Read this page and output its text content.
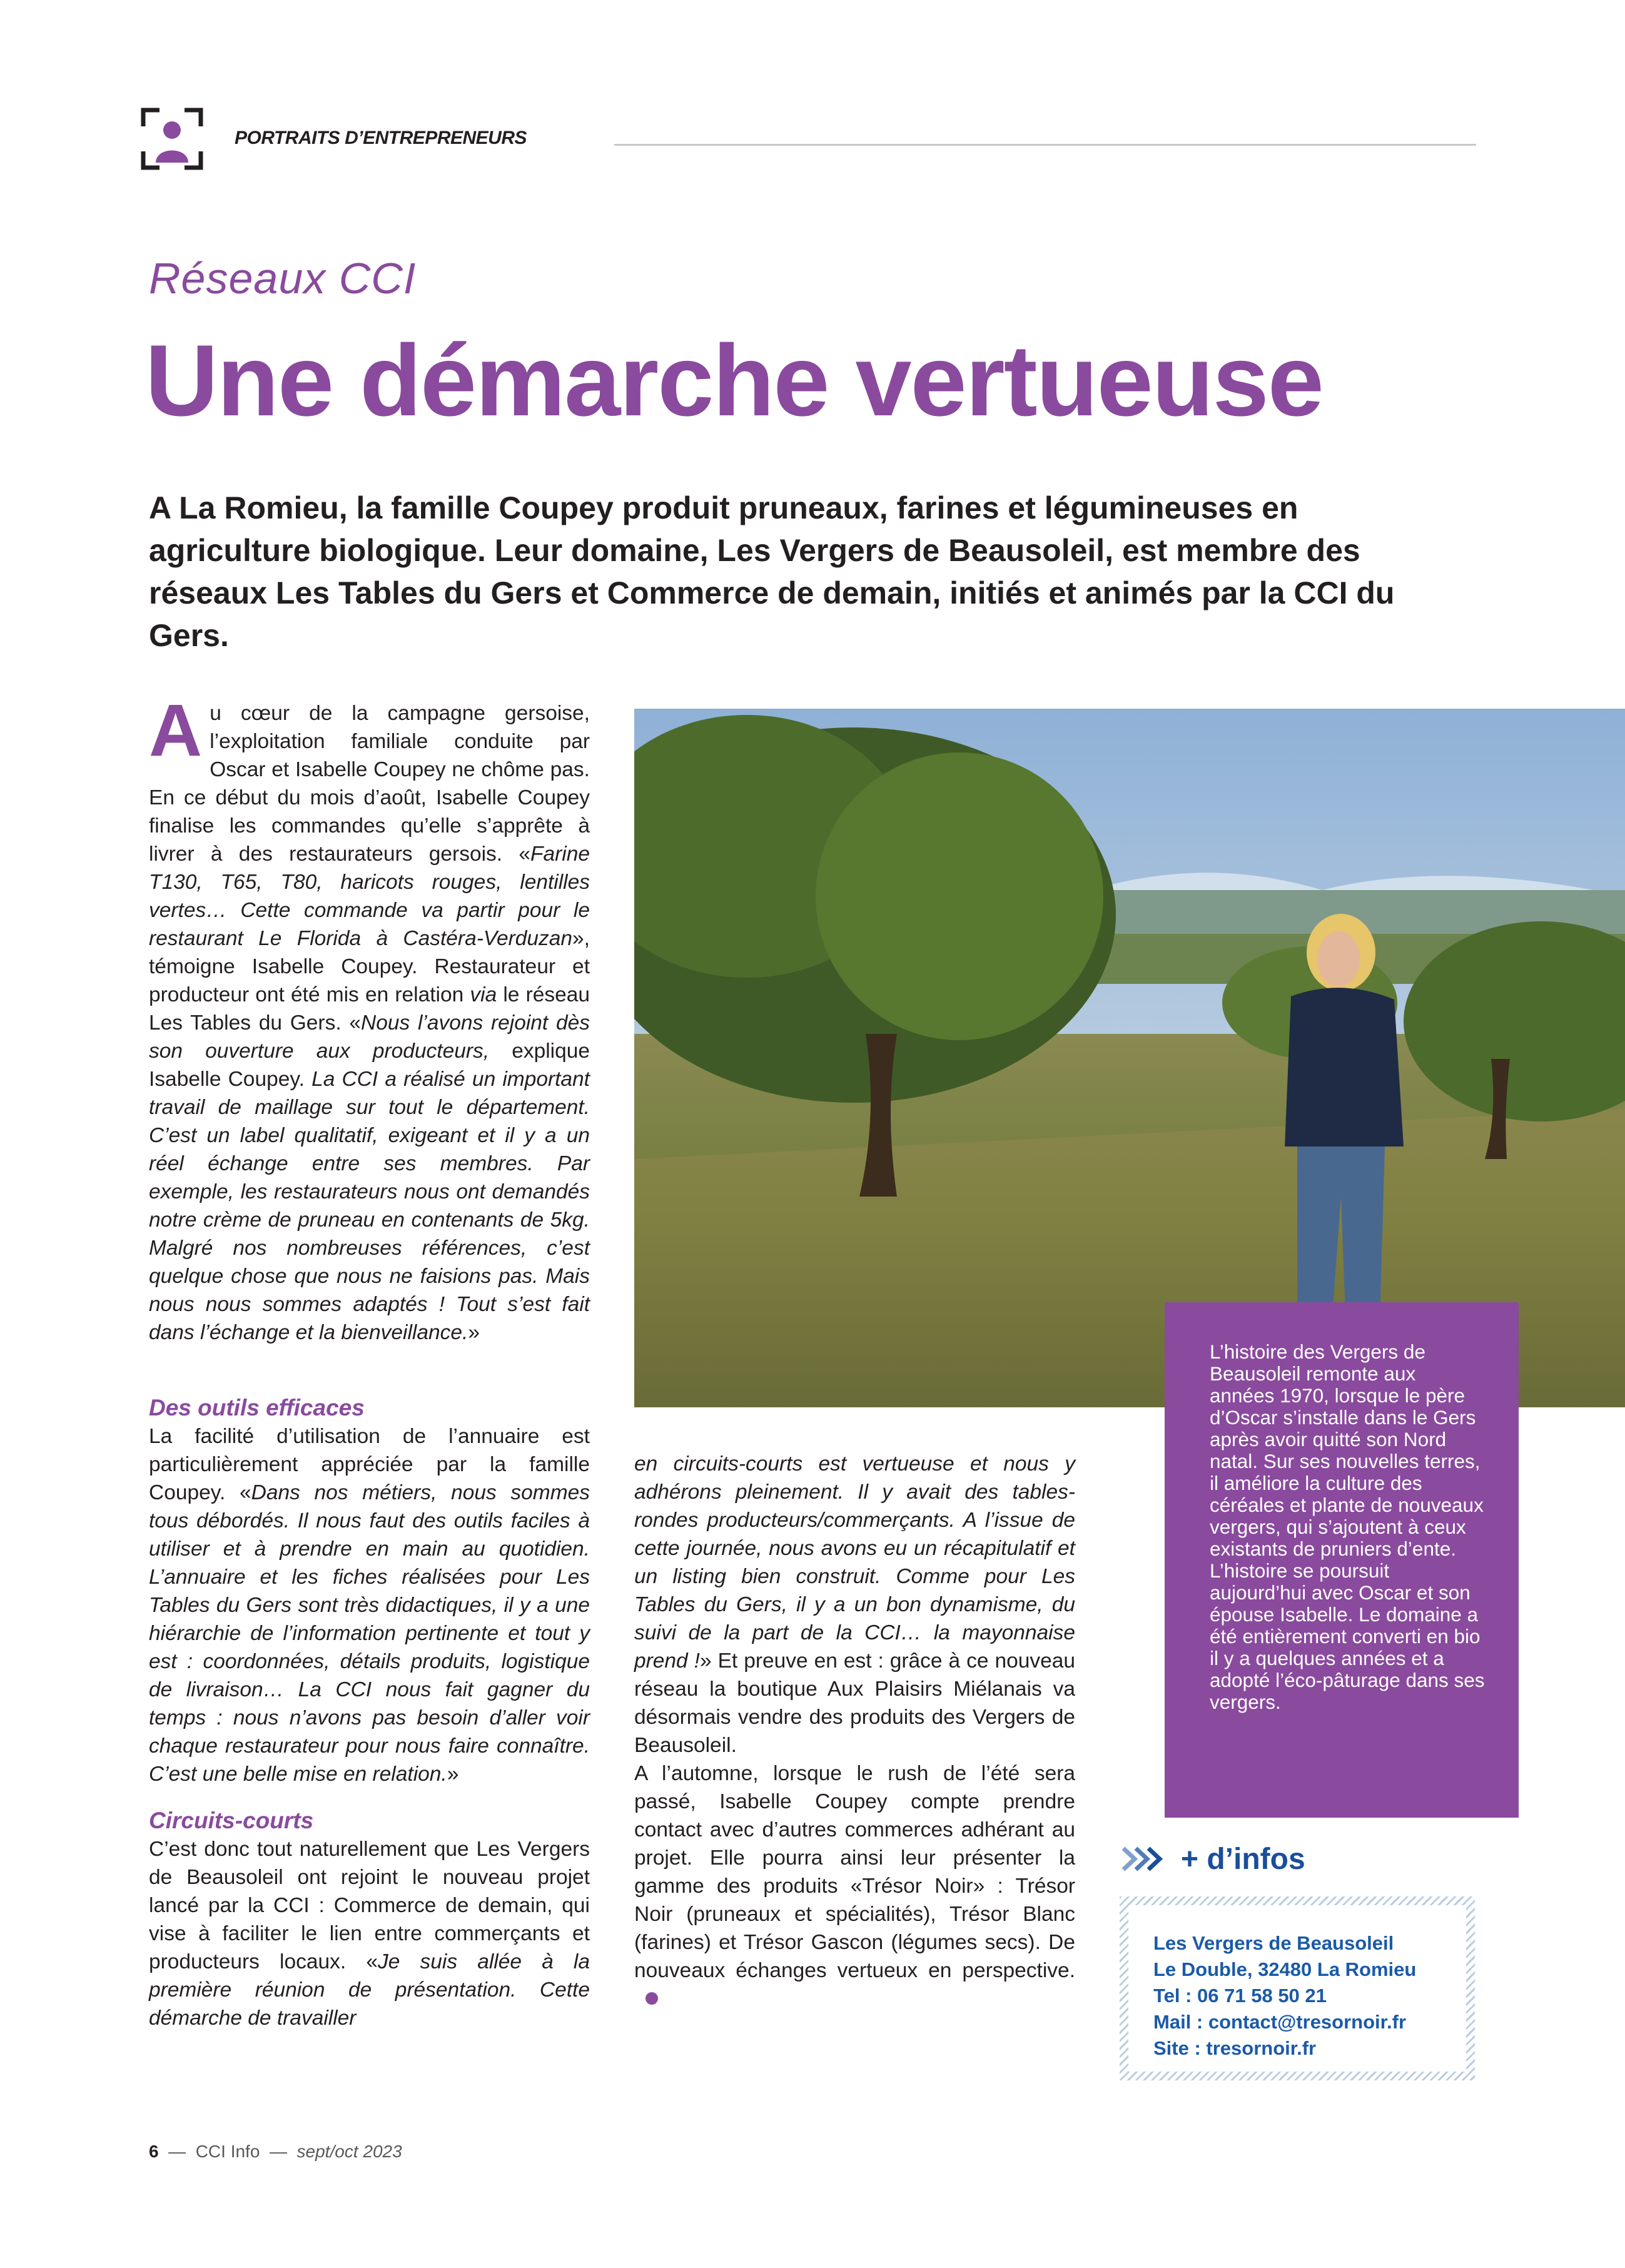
PORTRAITS D’ENTREPRENEURS
Réseaux CCI
Une démarche vertueuse

A La Romieu, la famille Coupey produit pruneaux, farines et légumineuses en agriculture biologique. Leur domaine, Les Vergers de Beausoleil, est membre des réseaux Les Tables du Gers et Commerce de demain, initiés et animés par la CCI du Gers.

Au cœur de la campagne gersoise, l’exploitation familiale conduite par Oscar et Isabelle Coupey ne chôme pas. En ce début du mois d’août, Isabelle Coupey finalise les commandes qu’elle s’apprête à livrer à des restaurateurs gersois. «Farine T130, T65, T80, haricots rouges, lentilles vertes… Cette commande va partir pour le restaurant Le Florida à Castéra-Verduzan», témoigne Isabelle Coupey. Restaurateur et producteur ont été mis en relation via le réseau Les Tables du Gers. «Nous l’avons rejoint dès son ouverture aux producteurs, explique Isabelle Coupey. La CCI a réalisé un important travail de maillage sur tout le département. C’est un label qualitatif, exigeant et il y a un réel échange entre ses membres. Par exemple, les restaurateurs nous ont demandés notre crème de pruneau en contenants de 5kg. Malgré nos nombreuses références, c’est quelque chose que nous ne faisions pas. Mais nous nous sommes adaptés ! Tout s’est fait dans l’échange et la bienveillance.»

Des outils efficaces

La facilité d’utilisation de l’annuaire est particulièrement appréciée par la famille Coupey. «Dans nos métiers, nous sommes tous débordés. Il nous faut des outils faciles à utiliser et à prendre en main au quotidien. L’annuaire et les fiches réalisées pour Les Tables du Gers sont très didactiques, il y a une hiérarchie de l’information pertinente et tout y est : coordonnées, détails produits, logistique de livraison… La CCI nous fait gagner du temps : nous n’avons pas besoin d’aller voir chaque restaurateur pour nous faire connaître. C’est une belle mise en relation.»

Circuits-courts

C’est donc tout naturellement que Les Vergers de Beausoleil ont rejoint le nouveau projet lancé par la CCI : Commerce de demain, qui vise à faciliter le lien entre commerçants et producteurs locaux. «Je suis allée à la première réunion de présentation. Cette démarche de travailler

en circuits-courts est vertueuse et nous y adhérons pleinement. Il y avait des tables-rondes producteurs/commerçants. A l’issue de cette journée, nous avons eu un récapitulatif et un listing bien construit. Comme pour Les Tables du Gers, il y a un bon dynamisme, du suivi de la part de la CCI… la mayonnaise prend !» Et preuve en est : grâce à ce nouveau réseau la boutique Aux Plaisirs Miélanais va désormais vendre des produits des Vergers de Beausoleil.

A l’automne, lorsque le rush de l’été sera passé, Isabelle Coupey compte prendre contact avec d’autres commerces adhérant au projet. Elle pourra ainsi leur présenter la gamme des produits «Trésor Noir» : Trésor Noir (pruneaux et spécialités), Trésor Blanc (farines) et Trésor Gascon (légumes secs). De nouveaux échanges vertueux en perspective.

L’histoire des Vergers de Beausoleil remonte aux années 1970, lorsque le père d’Oscar s’installe dans le Gers après avoir quitté son Nord natal. Sur ses nouvelles terres, il améliore la culture des céréales et plante de nouveaux vergers, qui s’ajoutent à ceux existants de pruniers d’ente. L’histoire se poursuit aujourd’hui avec Oscar et son épouse Isabelle. Le domaine a été entièrement converti en bio il y a quelques années et a adopté l’éco-pâturage dans ses vergers.

+ d’infos
Les Vergers de Beausoleil
Le Double, 32480 La Romieu
Tel : 06 71 58 50 21
Mail : contact@tresornoir.fr
Site : tresornoir.fr
6 — CCI Info — sept/oct 2023
